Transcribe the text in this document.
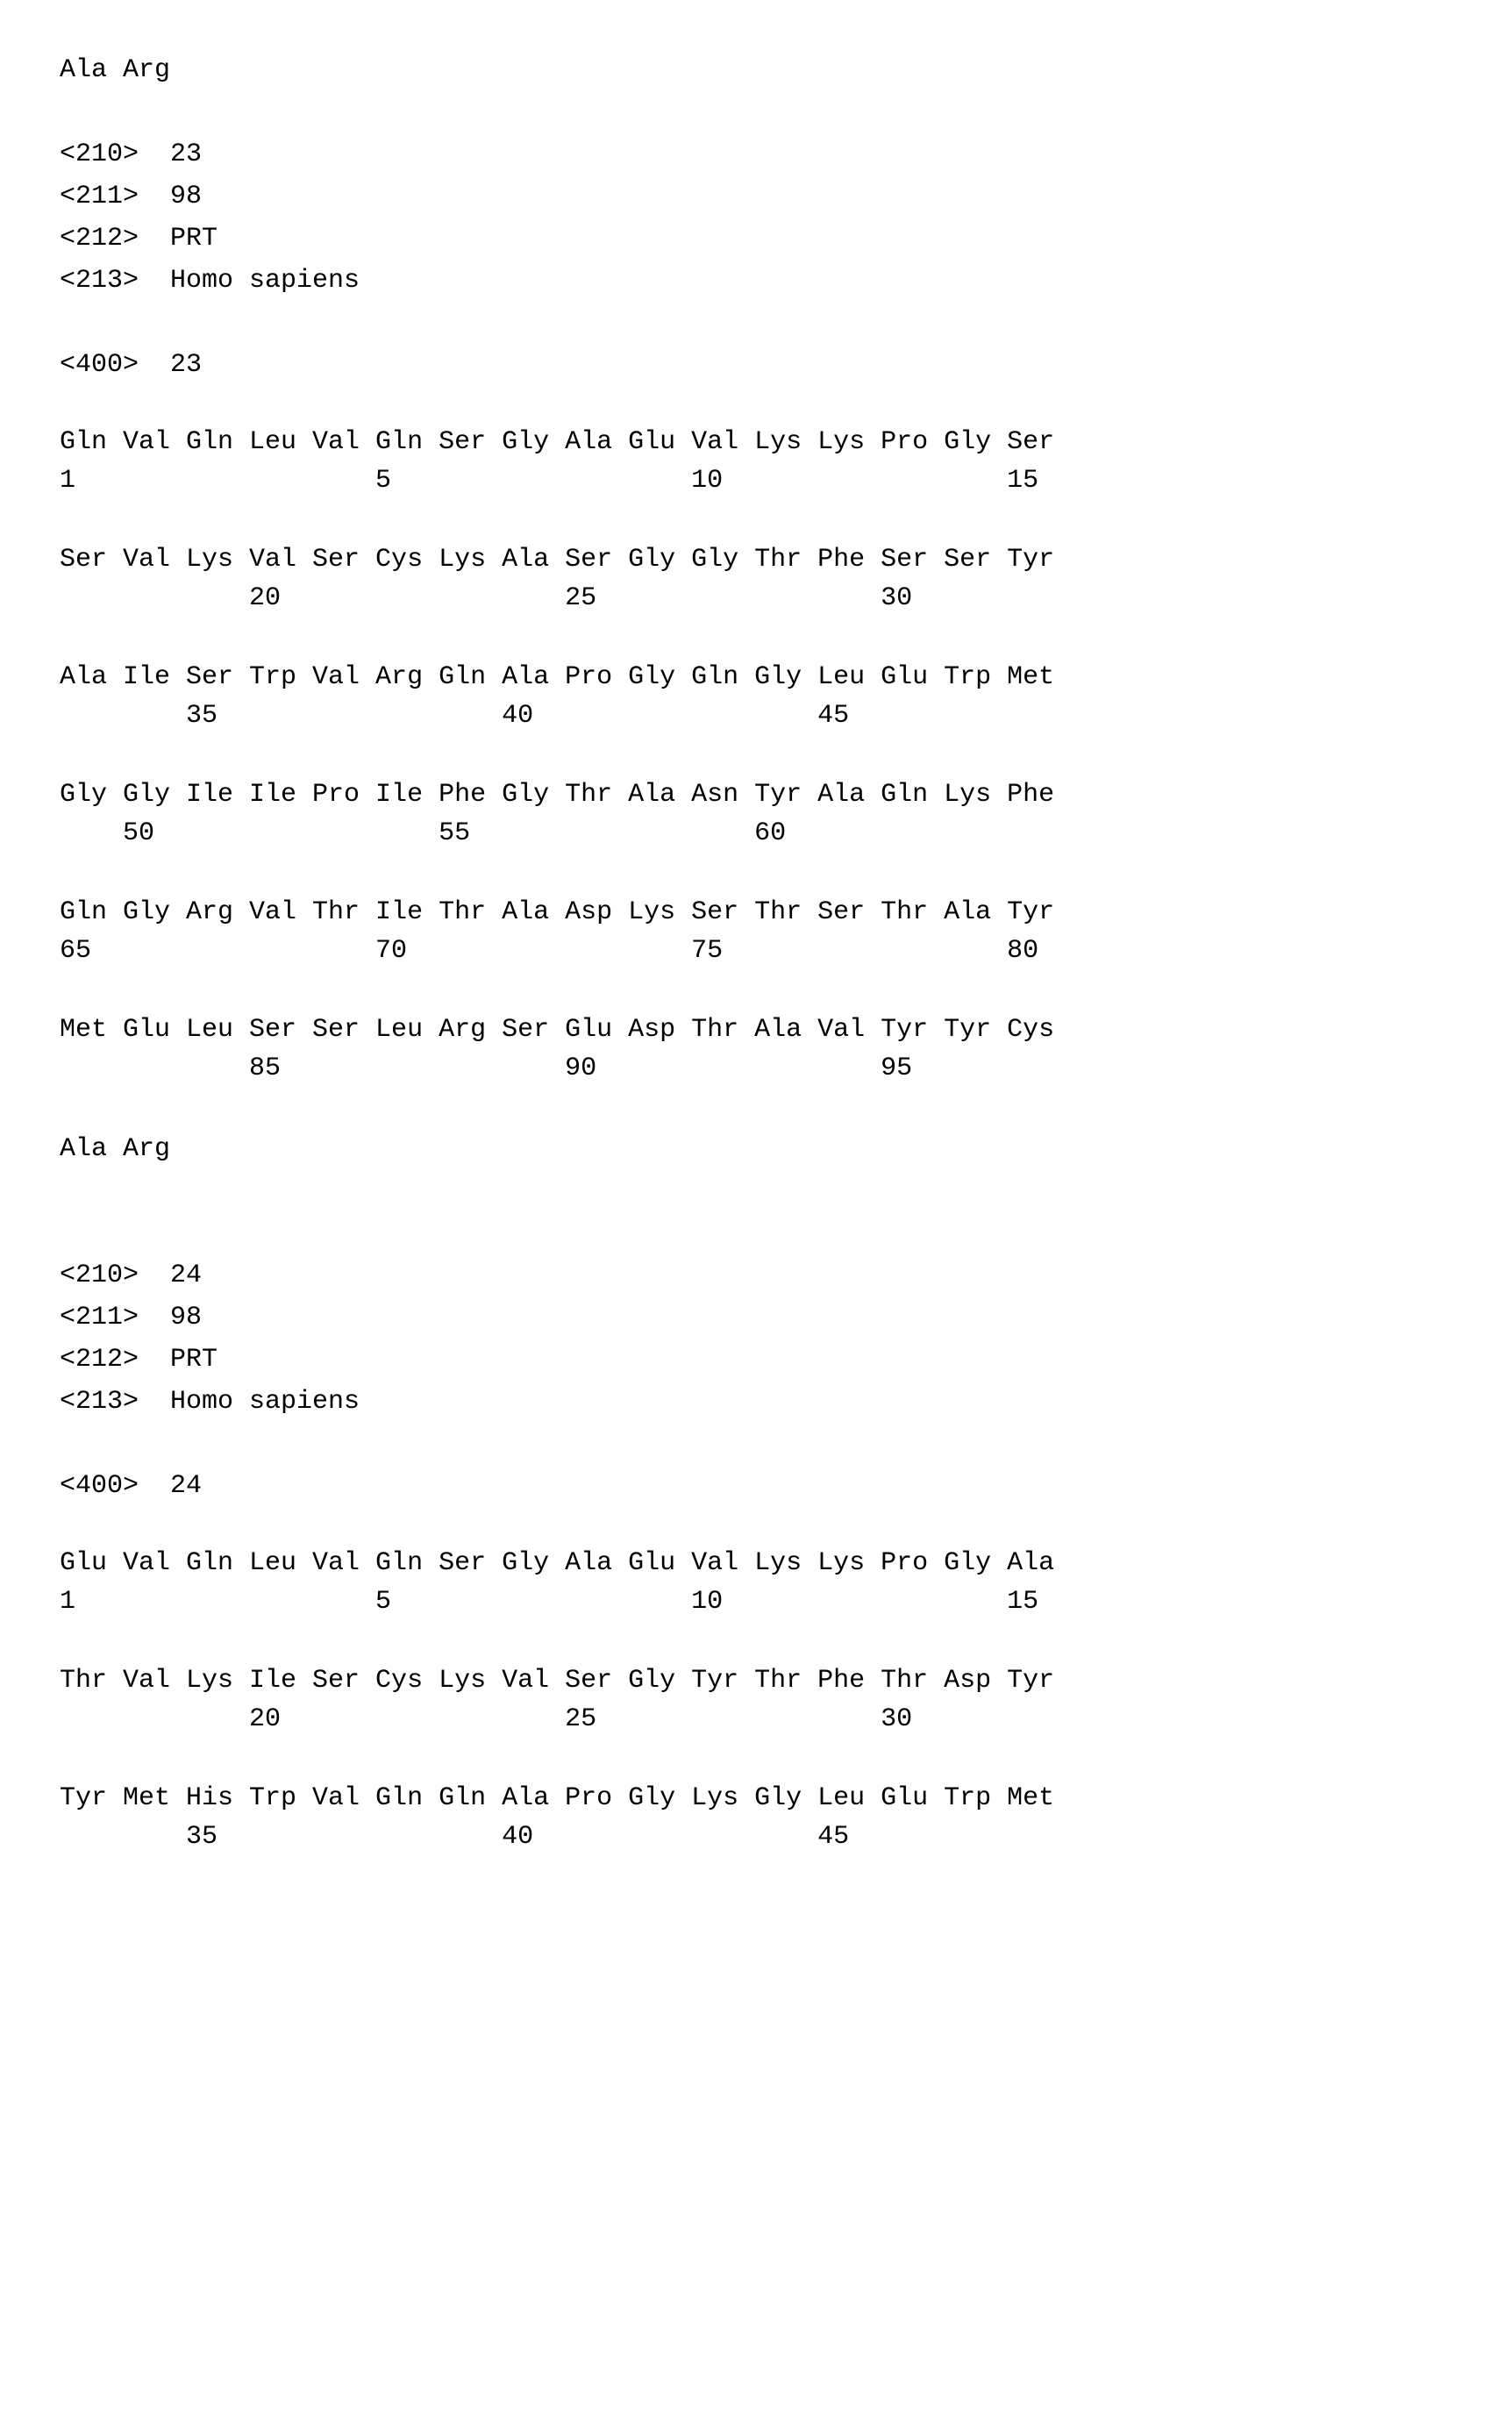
Ala Arg
<210>  23
<211>  98
<212>  PRT
<213>  Homo sapiens
<400>  23
Gln Val Gln Leu Val Gln Ser Gly Ala Glu Val Lys Lys Pro Gly Ser
1                   5                   10                  15
Ser Val Lys Val Ser Cys Lys Ala Ser Gly Gly Thr Phe Ser Ser Tyr
20                  25                  30
Ala Ile Ser Trp Val Arg Gln Ala Pro Gly Gln Gly Leu Glu Trp Met
35                  40                  45
Gly Gly Ile Ile Pro Ile Phe Gly Thr Ala Asn Tyr Ala Gln Lys Phe
50                  55                  60
Gln Gly Arg Val Thr Ile Thr Ala Asp Lys Ser Thr Ser Thr Ala Tyr
65                  70                  75                  80
Met Glu Leu Ser Ser Leu Arg Ser Glu Asp Thr Ala Val Tyr Tyr Cys
85                  90                  95
Ala Arg
<210>  24
<211>  98
<212>  PRT
<213>  Homo sapiens
<400>  24
Glu Val Gln Leu Val Gln Ser Gly Ala Glu Val Lys Lys Pro Gly Ala
1                   5                   10                  15
Thr Val Lys Ile Ser Cys Lys Val Ser Gly Tyr Thr Phe Thr Asp Tyr
20                  25                  30
Tyr Met His Trp Val Gln Gln Ala Pro Gly Lys Gly Leu Glu Trp Met
35                  40                  45
